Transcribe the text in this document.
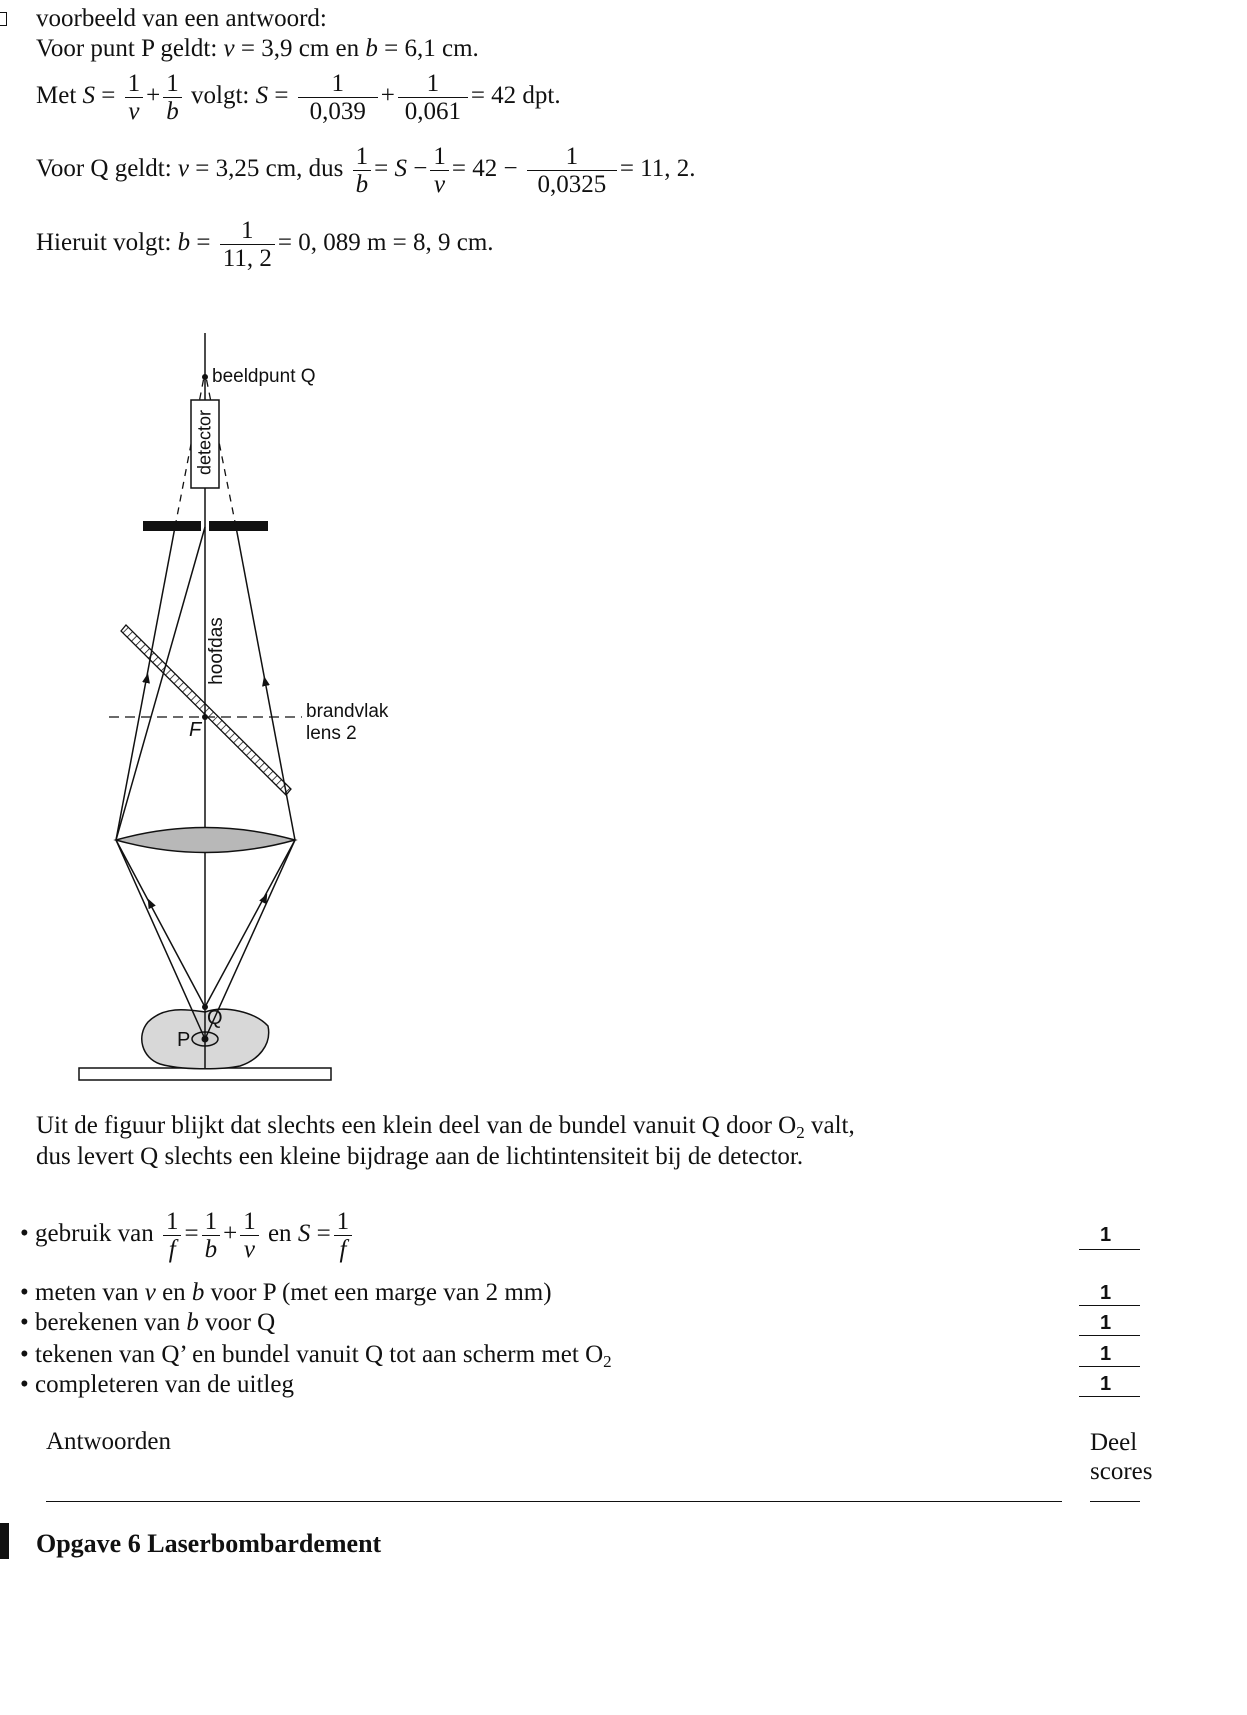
voorbeeld van een antwoord:
Voor punt P geldt: v = 3,9 cm en b = 6,1 cm.
Met $S = \frac{1}{v} + \frac{1}{b} volgt$: $S = \frac{1}{0,039} + \frac{1}{0,061} = 42$ dpt.
Voor Q geldt: v = 3,25 cm, dus $\frac{1}{b} = S - \frac{1}{v} = 42 - \frac{1}{0,0325} = 11$, 2.
Hieruit volgt: $b = \frac{1}{11, 2} = 0$, 089 m = 8, 9 cm.
beeldpunt Q
detector
hoofdas
brandvlak
lens 2
F
Q
P
Uit de figuur blijkt dat slechts een klein deel van de bundel vanuit Q door $O_2$ valt,
dus levert Q slechts een kleine bijdrage aan de lichtintensiteit bij de detector.
• gebruik van $\frac{1}{f} = \frac{1}{b} + \frac{1}{v}$ en $S = \frac{1}{f}$	1
• meten van v en b voor P (met een marge van 2 mm)	1
• berekenen van b voor Q	1
• tekenen van Q’ en bundel vanuit Q tot aan scherm met $O_2$	1
• completeren van de uitleg	1
Antwoorden	Deel
scores
Opgave 6 Laserbombardement
